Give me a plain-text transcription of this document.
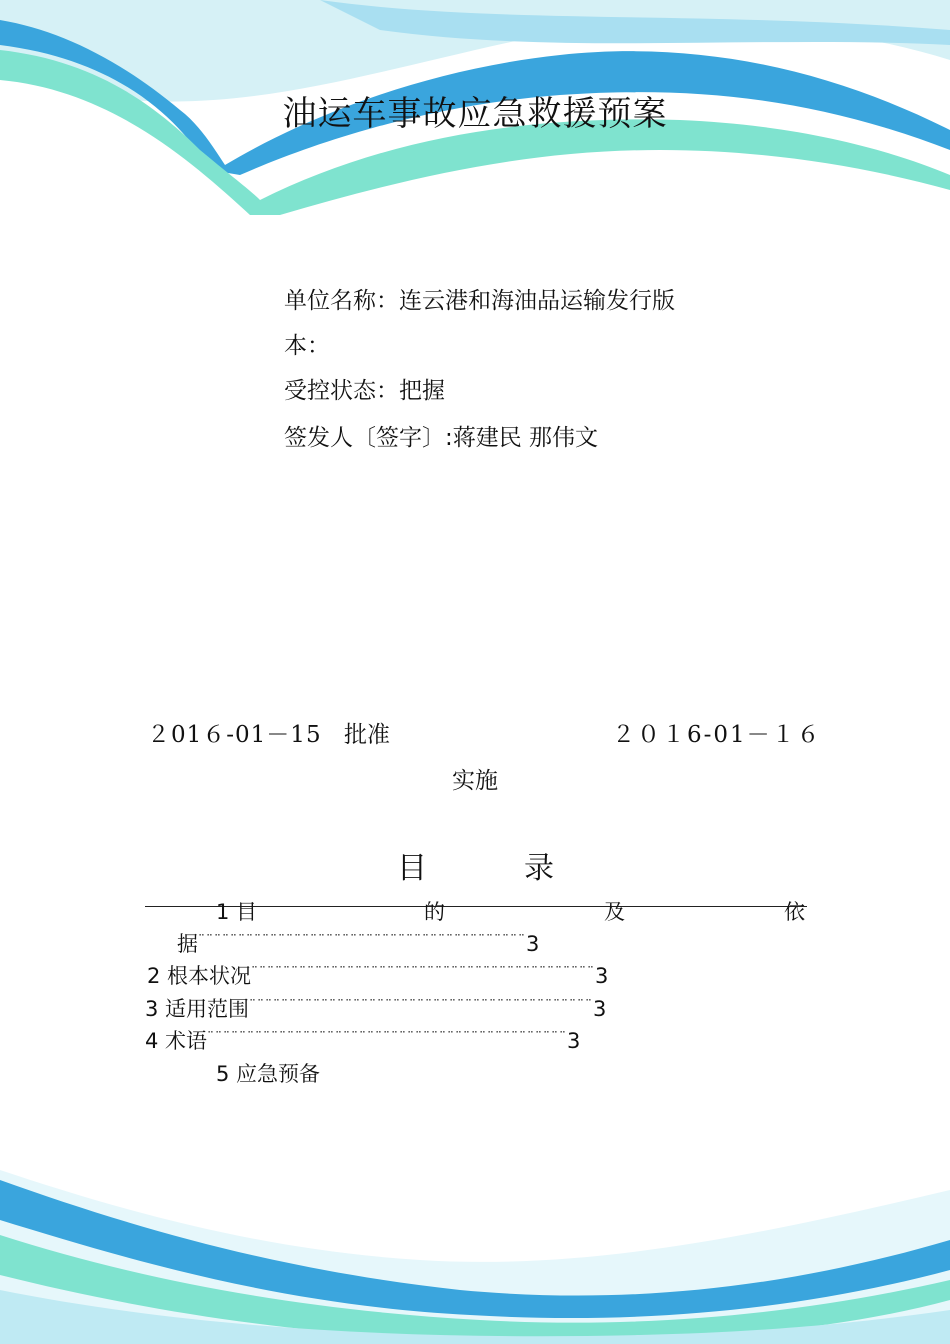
油运车事故应急救援预案
单位名称：连云港和海油品运输发行版
本：
受控状态：把握
签发人〔签字〕:蒋建民 那伟文
２01６-01－15 批准	２０１6-01－１６
实施
目	录
1 目	的	及	依
据¨¨¨¨¨¨¨¨¨¨¨¨¨¨¨¨¨¨¨¨¨¨¨¨¨¨¨¨¨¨¨¨¨¨¨¨¨¨¨¨¨3
2 根本状况¨¨¨¨¨¨¨¨¨¨¨¨¨¨¨¨¨¨¨¨¨¨¨¨¨¨¨¨¨¨¨¨¨¨¨¨¨¨¨¨¨¨¨3
3 适用范围¨¨¨¨¨¨¨¨¨¨¨¨¨¨¨¨¨¨¨¨¨¨¨¨¨¨¨¨¨¨¨¨¨¨¨¨¨¨¨¨¨¨¨3
4 术语¨¨¨¨¨¨¨¨¨¨¨¨¨¨¨¨¨¨¨¨¨¨¨¨¨¨¨¨¨¨¨¨¨¨¨¨¨¨¨¨¨¨¨¨¨3
5 应急预备
